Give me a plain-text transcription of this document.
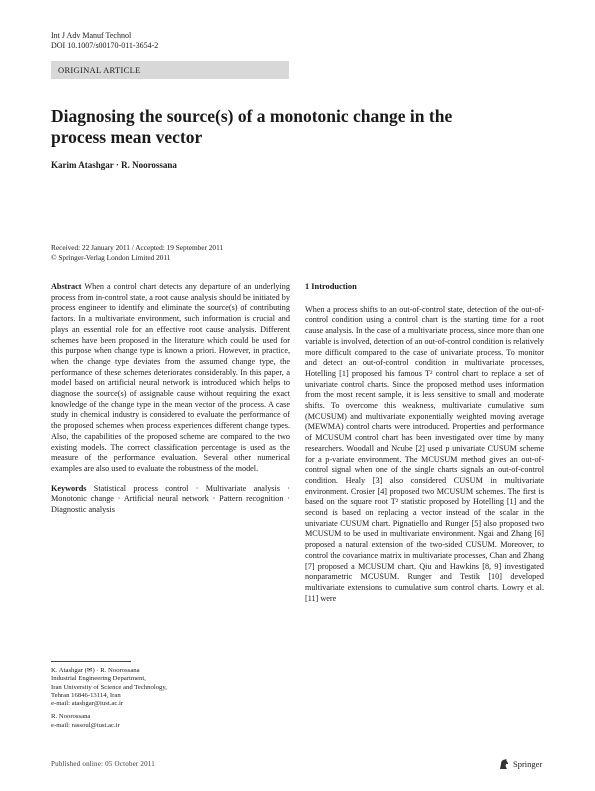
Int J Adv Manuf Technol
DOI 10.1007/s00170-011-3654-2
ORIGINAL ARTICLE
Diagnosing the source(s) of a monotonic change in the process mean vector
Karim Atashgar · R. Noorossana
Received: 22 January 2011 / Accepted: 19 September 2011
© Springer-Verlag London Limited 2011

Abstract When a control chart detects any departure of an underlying process from in-control state, a root cause analysis should be initiated by process engineer to identify and eliminate the source(s) of contributing factors. In a multivariate environment, such information is crucial and plays an essential role for an effective root cause analysis. Different schemes have been proposed in the literature which could be used for this purpose when change type is known a priori. However, in practice, when the change type deviates from the assumed change type, the performance of these schemes deteriorates considerably. In this paper, a model based on artificial neural network is introduced which helps to diagnose the source(s) of assignable cause without requiring the exact knowledge of the change type in the mean vector of the process. A case study in chemical industry is considered to evaluate the performance of the proposed schemes when process experiences different change types. Also, the capabilities of the proposed scheme are compared to the two existing models. The correct classification percentage is used as the measure of the performance evaluation. Several other numerical examples are also used to evaluate the robustness of the model.

Keywords Statistical process control · Multivariate analysis · Monotonic change · Artificial neural network · Pattern recognition · Diagnostic analysis

K. Atashgar (✉) · R. Noorossana
Industrial Engineering Department,
Iran University of Science and Technology,
Tehran 16846-13114, Iran
e-mail: atashgar@iust.ac.ir
R. Noorossana
e-mail: rassoul@iust.ac.ir
1 Introduction

When a process shifts to an out-of-control state, detection of the out-of-control condition using a control chart is the starting time for a root cause analysis. In the case of a multivariate process, since more than one variable is involved, detection of an out-of-control condition is relatively more difficult compared to the case of univariate process. To monitor and detect an out-of-control condition in multivariate processes, Hotelling [1] proposed his famous T² control chart to replace a set of univariate control charts. Since the proposed method uses information from the most recent sample, it is less sensitive to small and moderate shifts. To overcome this weakness, multivariate cumulative sum (MCUSUM) and multivariate exponentially weighted moving average (MEWMA) control charts were introduced. Properties and performance of MCUSUM control chart has been investigated over time by many researchers. Woodall and Ncube [2] used p univariate CUSUM scheme for a p-variate environment. The MCUSUM method gives an out-of-control signal when one of the single charts signals an out-of-control condition. Healy [3] also considered CUSUM in multivariate environment. Crosier [4] proposed two MCUSUM schemes. The first is based on the square root T² statistic proposed by Hotelling [1] and the second is based on replacing a vector instead of the scalar in the univariate CUSUM chart. Pignatiello and Runger [5] also proposed two MCUSUM to be used in multivariate environment. Ngai and Zhang [6] proposed a natural extension of the two-sided CUSUM. Moreover, to control the covariance matrix in multivariate processes, Chan and Zhang [7] proposed a MCUSUM chart. Qiu and Hawkins [8, 9] investigated nonparametric MCUSUM. Runger and Testik [10] developed multivariate extensions to cumulative sum control charts. Lowry et al. [11] were

Published online: 05 October 2011	Springer
